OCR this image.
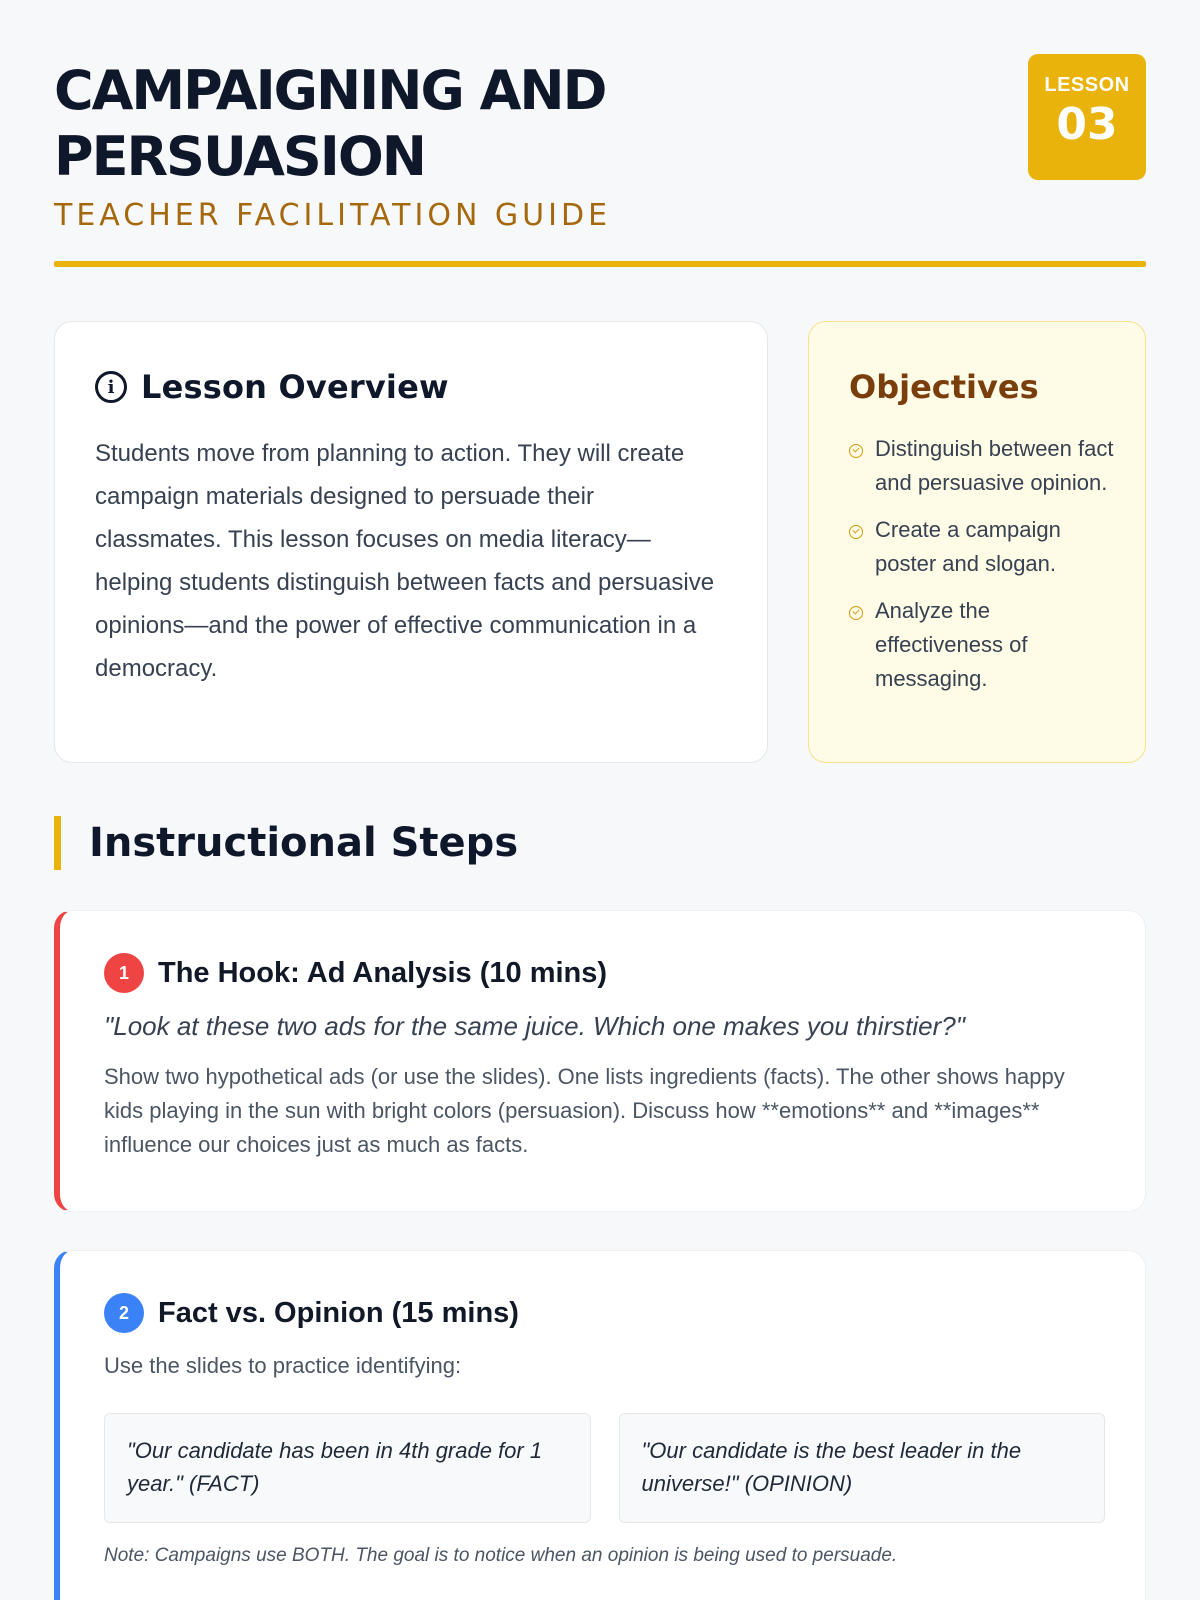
CAMPAIGNING AND PERSUASION
TEACHER FACILITATION GUIDE
LESSON
03
i Lesson Overview

Students move from planning to action. They will create campaign materials designed to persuade their classmates. This lesson focuses on media literacy—helping students distinguish between facts and persuasive opinions—and the power of effective communication in a democracy.

Objectives
Distinguish between fact and persuasive opinion.
Create a campaign poster and slogan.
Analyze the effectiveness of messaging.
Instructional Steps
1	The Hook: Ad Analysis (10 mins)
"Look at these two ads for the same juice. Which one makes you thirstier?"
Show two hypothetical ads (or use the slides). One lists ingredients (facts). The other shows happy kids playing in the sun with bright colors (persuasion). Discuss how **emotions** and **images** influence our choices just as much as facts.
2	Fact vs. Opinion (15 mins)
Use the slides to practice identifying:
"Our candidate has been in 4th grade for 1 year." (FACT)
"Our candidate is the best leader in the universe!" (OPINION)
Note: Campaigns use BOTH. The goal is to notice when an opinion is being used to persuade.
